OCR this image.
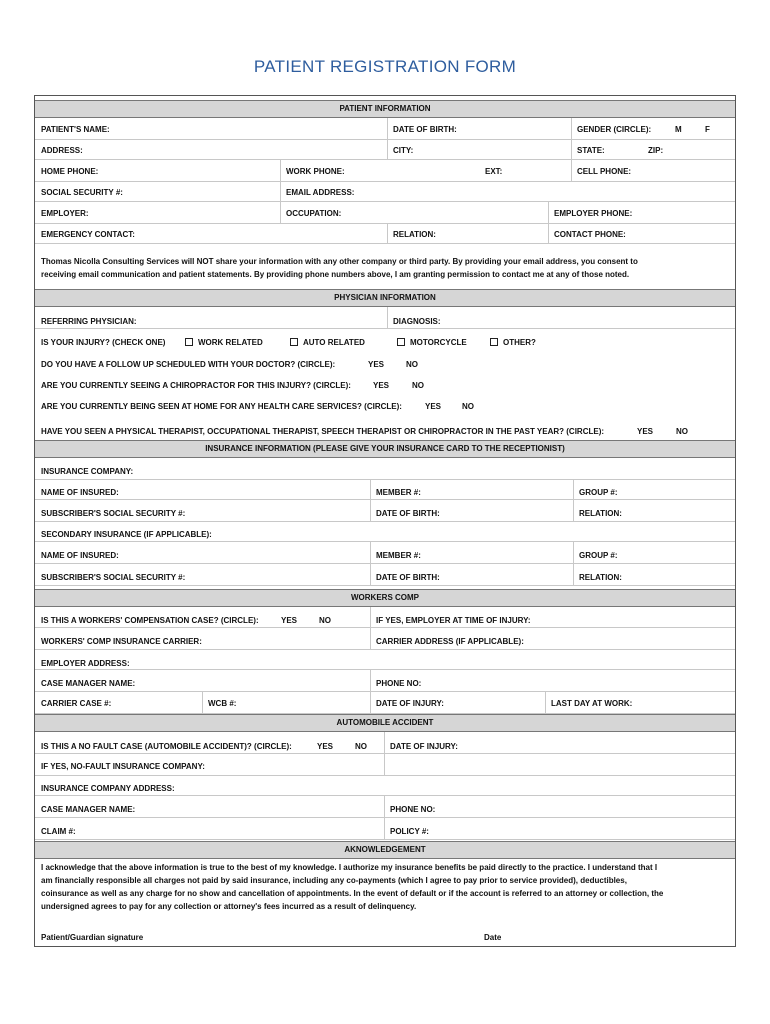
PATIENT REGISTRATION FORM
PATIENT INFORMATION
PATIENT'S NAME:	DATE OF BIRTH:	GENDER (CIRCLE):	M	F
ADDRESS:	CITY:	STATE:	ZIP:
HOME PHONE:	WORK PHONE:	EXT:	CELL PHONE:
SOCIAL SECURITY #:	EMAIL ADDRESS:
EMPLOYER:	OCCUPATION:	EMPLOYER PHONE:
EMERGENCY CONTACT:	RELATION:	CONTACT PHONE:
Thomas Nicolla Consulting Services will NOT share your information with any other company or third party. By providing your email address, you consent to
receiving email communication and patient statements. By providing phone numbers above, I am granting permission to contact me at any of those noted.
PHYSICIAN INFORMATION
REFERRING PHYSICIAN:	DIAGNOSIS:
IS YOUR INJURY? (CHECK ONE)	WORK RELATED	AUTO RELATED	MOTORCYCLE	OTHER?
DO YOU HAVE A FOLLOW UP SCHEDULED WITH YOUR DOCTOR? (CIRCLE):	YES	NO
ARE YOU CURRENTLY SEEING A CHIROPRACTOR FOR THIS INJURY? (CIRCLE):	YES	NO
ARE YOU CURRENTLY BEING SEEN AT HOME FOR ANY HEALTH CARE SERVICES? (CIRCLE):	YES	NO
HAVE YOU SEEN A PHYSICAL THERAPIST, OCCUPATIONAL THERAPIST, SPEECH THERAPIST OR CHIROPRACTOR IN THE PAST YEAR? (CIRCLE):	YES	NO
INSURANCE INFORMATION (PLEASE GIVE YOUR INSURANCE CARD TO THE RECEPTIONIST)
INSURANCE COMPANY:
NAME OF INSURED:	MEMBER #:	GROUP #:
SUBSCRIBER'S SOCIAL SECURITY #:	DATE OF BIRTH:	RELATION:
SECONDARY INSURANCE (IF APPLICABLE):
NAME OF INSURED:	MEMBER #:	GROUP #:
SUBSCRIBER'S SOCIAL SECURITY #:	DATE OF BIRTH:	RELATION:
WORKERS COMP
IS THIS A WORKERS' COMPENSATION CASE? (CIRCLE):	YES	NO	IF YES, EMPLOYER AT TIME OF INJURY:
WORKERS' COMP INSURANCE CARRIER:	CARRIER ADDRESS (IF APPLICABLE):
EMPLOYER ADDRESS:
CASE MANAGER NAME:	PHONE NO:
CARRIER CASE #:	WCB #:	DATE OF INJURY:	LAST DAY AT WORK:
AUTOMOBILE ACCIDENT
IS THIS A NO FAULT CASE (AUTOMOBILE ACCIDENT)? (CIRCLE):	YES	NO	DATE OF INJURY:
IF YES, NO-FAULT INSURANCE COMPANY:
INSURANCE COMPANY ADDRESS:
CASE MANAGER NAME:	PHONE NO:
CLAIM #:	POLICY #:
AKNOWLEDGEMENT
I acknowledge that the above information is true to the best of my knowledge. I authorize my insurance benefits be paid directly to the practice. I understand that I
am financially responsible all charges not paid by said insurance, including any co-payments (which I agree to pay prior to service provided), deductibles,
coinsurance as well as any charge for no show and cancellation of appointments. In the event of default or if the account is referred to an attorney or collection, the
undersigned agrees to pay for any collection or attorney's fees incurred as a result of delinquency.
Patient/Guardian signature	Date
